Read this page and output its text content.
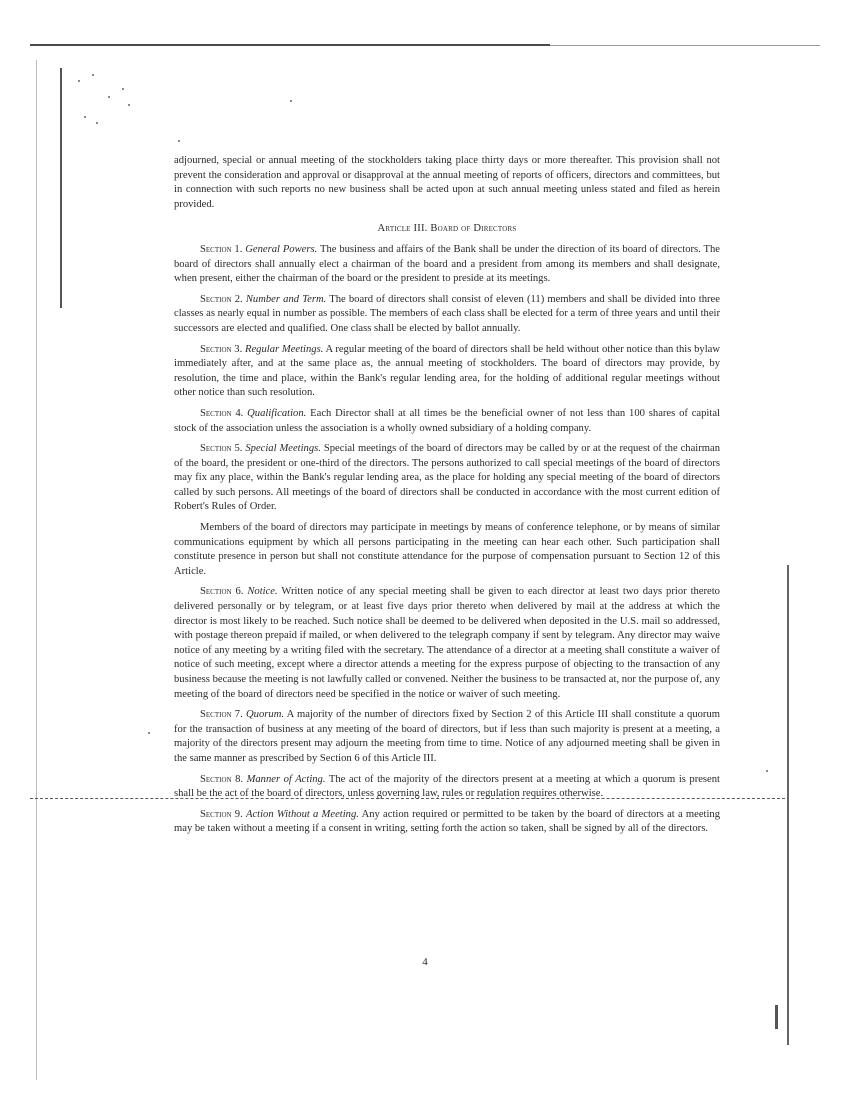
adjourned, special or annual meeting of the stockholders taking place thirty days or more thereafter. This provision shall not prevent the consideration and approval or disapproval at the annual meeting of reports of officers, directors and committees, but in connection with such reports no new business shall be acted upon at such annual meeting unless stated and filed as herein provided.

Article III. Board of Directors

Section 1. General Powers. The business and affairs of the Bank shall be under the direction of its board of directors. The board of directors shall annually elect a chairman of the board and a president from among its members and shall designate, when present, either the chairman of the board or the president to preside at its meetings.

Section 2. Number and Term. The board of directors shall consist of eleven (11) members and shall be divided into three classes as nearly equal in number as possible. The members of each class shall be elected for a term of three years and until their successors are elected and qualified. One class shall be elected by ballot annually.

Section 3. Regular Meetings. A regular meeting of the board of directors shall be held without other notice than this bylaw immediately after, and at the same place as, the annual meeting of stockholders. The board of directors may provide, by resolution, the time and place, within the Bank's regular lending area, for the holding of additional regular meetings without other notice than such resolution.

Section 4. Qualification. Each Director shall at all times be the beneficial owner of not less than 100 shares of capital stock of the association unless the association is a wholly owned subsidiary of a holding company.

Section 5. Special Meetings. Special meetings of the board of directors may be called by or at the request of the chairman of the board, the president or one-third of the directors. The persons authorized to call special meetings of the board of directors may fix any place, within the Bank's regular lending area, as the place for holding any special meeting of the board of directors called by such persons. All meetings of the board of directors shall be conducted in accordance with the most current edition of Robert's Rules of Order.

Members of the board of directors may participate in meetings by means of conference telephone, or by means of similar communications equipment by which all persons participating in the meeting can hear each other. Such participation shall constitute presence in person but shall not constitute attendance for the purpose of compensation pursuant to Section 12 of this Article.

Section 6. Notice. Written notice of any special meeting shall be given to each director at least two days prior thereto delivered personally or by telegram, or at least five days prior thereto when delivered by mail at the address at which the director is most likely to be reached. Such notice shall be deemed to be delivered when deposited in the U.S. mail so addressed, with postage thereon prepaid if mailed, or when delivered to the telegraph company if sent by telegram. Any director may waive notice of any meeting by a writing filed with the secretary. The attendance of a director at a meeting shall constitute a waiver of notice of such meeting, except where a director attends a meeting for the express purpose of objecting to the transaction of any business because the meeting is not lawfully called or convened. Neither the business to be transacted at, nor the purpose of, any meeting of the board of directors need be specified in the notice or waiver of such meeting.

Section 7. Quorum. A majority of the number of directors fixed by Section 2 of this Article III shall constitute a quorum for the transaction of business at any meeting of the board of directors, but if less than such majority is present at a meeting, a majority of the directors present may adjourn the meeting from time to time. Notice of any adjourned meeting shall be given in the same manner as prescribed by Section 6 of this Article III.

Section 8. Manner of Acting. The act of the majority of the directors present at a meeting at which a quorum is present shall be the act of the board of directors, unless governing law, rules or regulation requires otherwise.

Section 9. Action Without a Meeting. Any action required or permitted to be taken by the board of directors at a meeting may be taken without a meeting if a consent in writing, setting forth the action so taken, shall be signed by all of the directors.

4
